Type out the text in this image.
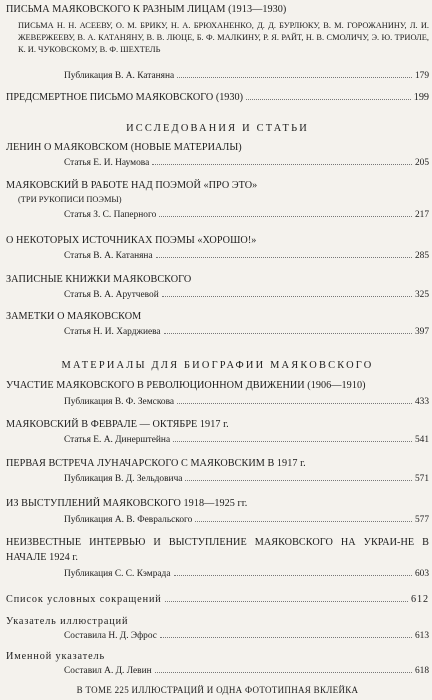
ПИСЬМА МАЯКОВСКОГО К РАЗНЫМ ЛИЦАМ (1913—1930)
ПИСЬМА Н. Н. АСЕЕВУ, О. М. БРИКУ, Н. А. БРЮХАНЕНКО, Д. Д. БУРЛЮКУ, В. М. ГОРОЖАНИНУ, Л. И. ЖЕВЕРЖЕЕВУ, В. А. КАТАНЯНУ, В. В. ЛЮЦЕ, Б. Ф. МАЛКИНУ, Р. Я. РАЙТ, Н. В. СМОЛИЧУ, Э. Ю. ТРИОЛЕ, К. И. ЧУКОВСКОМУ, В. Ф. ШЕХТЕЛЬ
Публикация В. А. Катаняна	179
ПРЕДСМЕРТНОЕ ПИСЬМО МАЯКОВСКОГО (1930)	199
ИССЛЕДОВАНИЯ И СТАТЬИ
ЛЕНИН О МАЯКОВСКОМ (НОВЫЕ МАТЕРИАЛЫ)
Статья Е. И. Наумова	205
МАЯКОВСКИЙ В РАБОТЕ НАД ПОЭМОЙ «ПРО ЭТО»
(ТРИ РУКОПИСИ ПОЭМЫ)
Статья З. С. Паперного	217
О НЕКОТОРЫХ ИСТОЧНИКАХ ПОЭМЫ «ХОРОШО!»
Статья В. А. Катаняна	285
ЗАПИСНЫЕ КНИЖКИ МАЯКОВСКОГО
Статья В. А. Арутчевой	325
ЗАМЕТКИ О МАЯКОВСКОМ
Статья Н. И. Харджиева	397
МАТЕРИАЛЫ ДЛЯ БИОГРАФИИ МАЯКОВСКОГО
УЧАСТИЕ МАЯКОВСКОГО В РЕВОЛЮЦИОННОМ ДВИЖЕНИИ (1906—1910)
Публикация В. Ф. Земскова	433
МАЯКОВСКИЙ В ФЕВРАЛЕ — ОКТЯБРЕ 1917 г.
Статья Е. А. Динерштейна	541
ПЕРВАЯ ВСТРЕЧА ЛУНАЧАРСКОГО С МАЯКОВСКИМ В 1917 г.
Публикация В. Д. Зельдовича	571
ИЗ ВЫСТУПЛЕНИЙ МАЯКОВСКОГО 1918—1925 гг.
Публикация А. В. Февральского	577
НЕИЗВЕСТНЫЕ ИНТЕРВЬЮ И ВЫСТУПЛЕНИЕ МАЯКОВСКОГО НА УКРАИ-НЕ В НАЧАЛЕ 1924 г.
Публикация С. С. Кэмрада	603
Список условных сокращений	612
Указатель иллюстраций
Составила Н. Д. Эфрос	613
Именной указатель
Составил А. Д. Левин	618
В ТОМЕ 225 ИЛЛЮСТРАЦИЙ И ОДНА ФОТОТИПНАЯ ВКЛЕЙКА
